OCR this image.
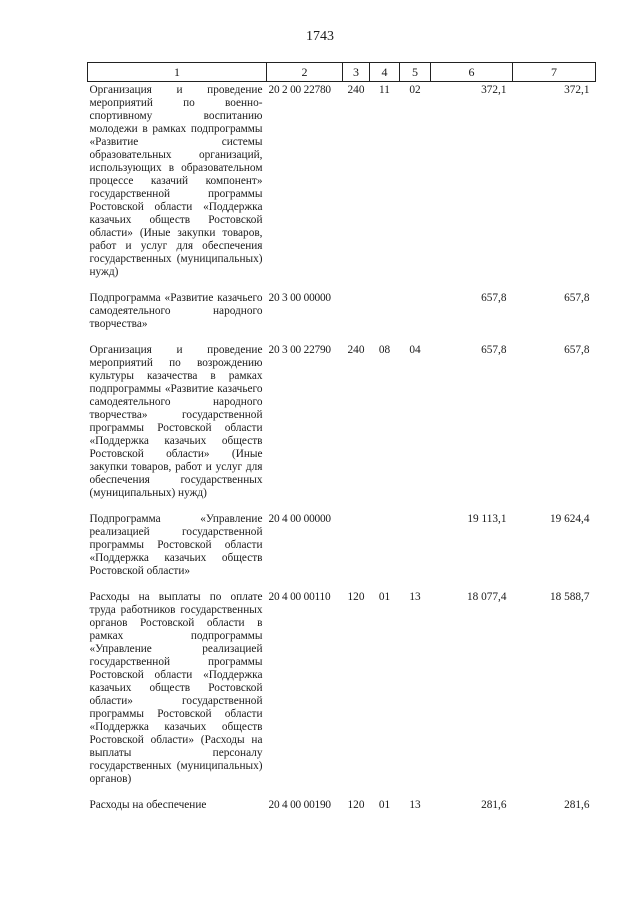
1743
1	2	3	4	5	6	7
Организация и проведение мероприятий по военно-спортивному воспитанию молодежи в рамках подпрограммы «Развитие системы образовательных организаций, использующих в образовательном процессе казачий компонент» государственной программы Ростовской области «Поддержка казачьих обществ Ростовской области» (Иные закупки товаров, работ и услуг для обеспечения государственных (муниципальных) нужд)	20 2 00 22780	240	11	02	372,1	372,1
Подпрограмма «Развитие казачьего самодеятельного народного творчества»	20 3 00 00000				657,8	657,8
Организация и проведение мероприятий по возрождению культуры казачества в рамках подпрограммы «Развитие казачьего самодеятельного народного творчества» государственной программы Ростовской области «Поддержка казачьих обществ Ростовской области» (Иные закупки товаров, работ и услуг для обеспечения государственных (муниципальных) нужд)	20 3 00 22790	240	08	04	657,8	657,8
Подпрограмма «Управление реализацией государственной программы Ростовской области «Поддержка казачьих обществ Ростовской области»	20 4 00 00000				19 113,1	19 624,4
Расходы на выплаты по оплате труда работников государственных органов Ростовской области в рамках подпрограммы «Управление реализацией государственной программы Ростовской области «Поддержка казачьих обществ Ростовской области» государственной программы Ростовской области «Поддержка казачьих обществ Ростовской области» (Расходы на выплаты персоналу государственных (муниципальных) органов)	20 4 00 00110	120	01	13	18 077,4	18 588,7
Расходы на обеспечение	20 4 00 00190	120	01	13	281,6	281,6
